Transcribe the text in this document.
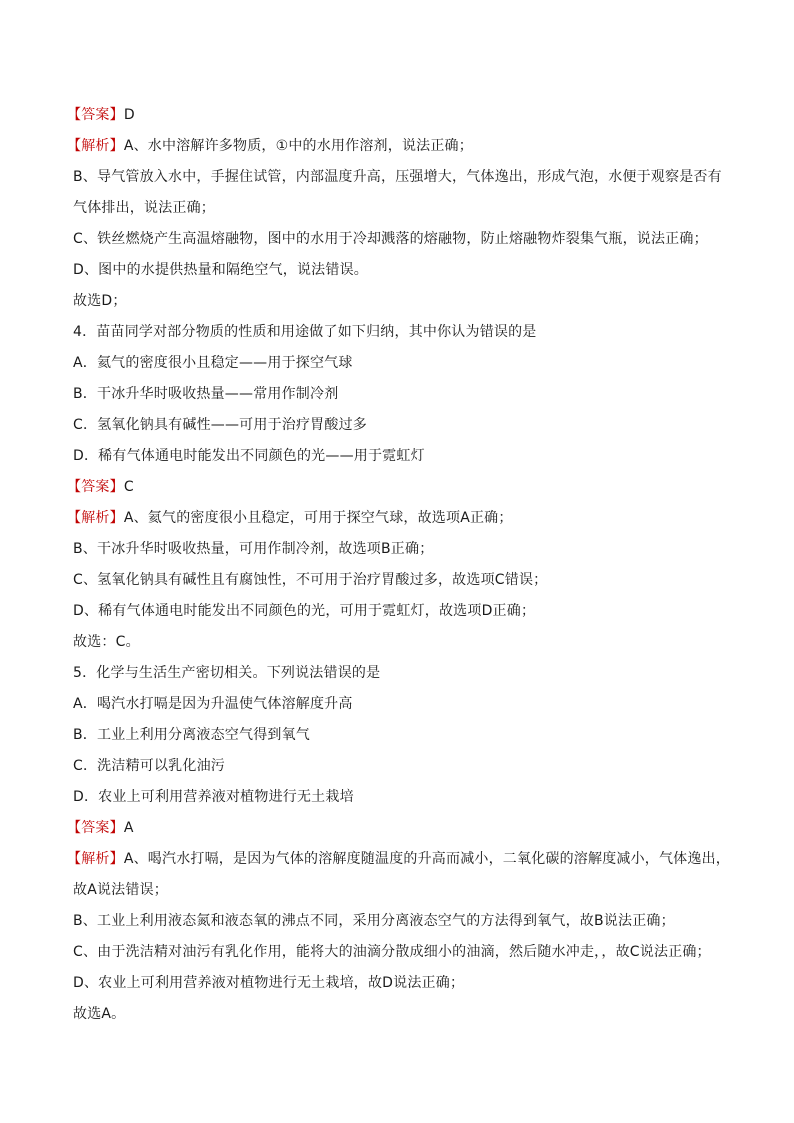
【答案】D
【解析】A、水中溶解许多物质，①中的水用作溶剂，说法正确；
B、导气管放入水中，手握住试管，内部温度升高，压强增大，气体逸出，形成气泡，水便于观察是否有气体排出，说法正确；
C、铁丝燃烧产生高温熔融物，图中的水用于冷却溅落的熔融物，防止熔融物炸裂集气瓶，说法正确；
D、图中的水提供热量和隔绝空气，说法错误。
故选D；
4．苗苗同学对部分物质的性质和用途做了如下归纳，其中你认为错误的是
A．氦气的密度很小且稳定——用于探空气球
B．干冰升华时吸收热量——常用作制冷剂
C．氢氧化钠具有碱性——可用于治疗胃酸过多
D．稀有气体通电时能发出不同颜色的光——用于霓虹灯
【答案】C
【解析】A、氦气的密度很小且稳定，可用于探空气球，故选项A正确；
B、干冰升华时吸收热量，可用作制冷剂，故选项B正确；
C、氢氧化钠具有碱性且有腐蚀性，不可用于治疗胃酸过多，故选项C错误；
D、稀有气体通电时能发出不同颜色的光，可用于霓虹灯，故选项D正确；
故选：C。
5．化学与生活生产密切相关。下列说法错误的是
A．喝汽水打嗝是因为升温使气体溶解度升高
B．工业上利用分离液态空气得到氧气
C．洗洁精可以乳化油污
D．农业上可利用营养液对植物进行无土栽培
【答案】A
【解析】A、喝汽水打嗝，是因为气体的溶解度随温度的升高而减小，二氧化碳的溶解度减小，气体逸出，故A说法错误；
B、工业上利用液态氮和液态氧的沸点不同，采用分离液态空气的方法得到氧气，故B说法正确；
C、由于洗洁精对油污有乳化作用，能将大的油滴分散成细小的油滴，然后随水冲走，，故C说法正确；
D、农业上可利用营养液对植物进行无土栽培，故D说法正确；
故选A。
